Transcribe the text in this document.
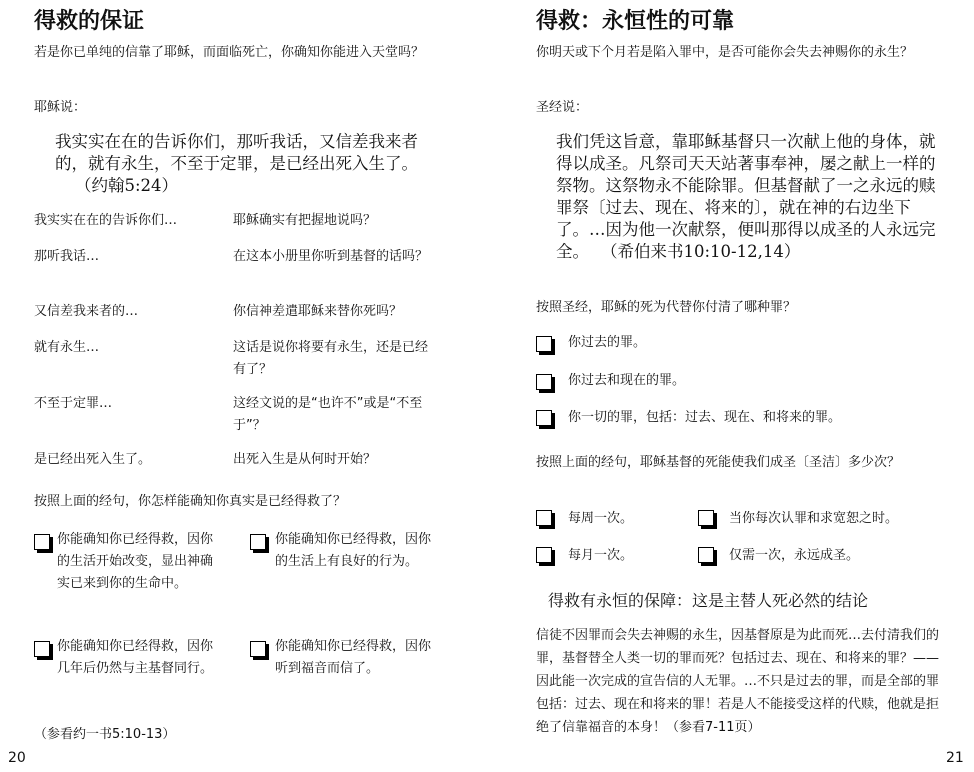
得救的保证
若是你已单纯的信靠了耶稣，而面临死亡，你确知你能进入天堂吗？
耶稣说：
我实实在在的告诉你们，那听我话，又信差我来者的，就有永生，不至于定罪，是已经出死入生了。（约翰5:24）
我实实在在的告诉你们…	耶稣确实有把握地说吗？
那听我话…	在这本小册里你听到基督的话吗？
又信差我来者的…	你信神差遣耶稣来替你死吗？
就有永生…	这话是说你将要有永生，还是已经有了？
不至于定罪…	这经文说的是“也许不”或是“不至于”？
是已经出死入生了。	出死入生是从何时开始？
按照上面的经句，你怎样能确知你真实是已经得救了？
你能确知你已经得救，因你的生活开始改变，显出神确实已来到你的生命中。
你能确知你已经得救，因你的生活上有良好的行为。
你能确知你已经得救，因你几年后仍然与主基督同行。
你能确知你已经得救，因你听到福音而信了。
（参看约一书5:10-13）
20
得救：永恒性的可靠
你明天或下个月若是陷入罪中，是否可能你会失去神赐你的永生？
圣经说：
我们凭这旨意，靠耶稣基督只一次献上他的身体，就得以成圣。凡祭司天天站著事奉神，屡之献上一样的祭物。这祭物永不能除罪。但基督献了一之永远的赎罪祭〔过去、现在、将来的〕，就在神的右边坐下了。…因为他一次献祭，便叫那得以成圣的人永远完全。 （希伯来书10:10-12,14）
按照圣经，耶稣的死为代替你付清了哪种罪？
你过去的罪。
你过去和现在的罪。
你一切的罪，包括：过去、现在、和将来的罪。
按照上面的经句，耶稣基督的死能使我们成圣〔圣洁〕多少次？
每周一次。	当你每次认罪和求宽恕之时。
每月一次。	仅需一次，永远成圣。
得救有永恒的保障：这是主替人死必然的结论
信徒不因罪而会失去神赐的永生，因基督原是为此而死…去付清我们的罪，基督替全人类一切的罪而死？包括过去、现在、和将来的罪？——因此能一次完成的宣告信的人无罪。…不只是过去的罪，而是全部的罪包括：过去、现在和将来的罪！若是人不能接受这样的代赎，他就是拒绝了信靠福音的本身！（参看7-11页）
21
